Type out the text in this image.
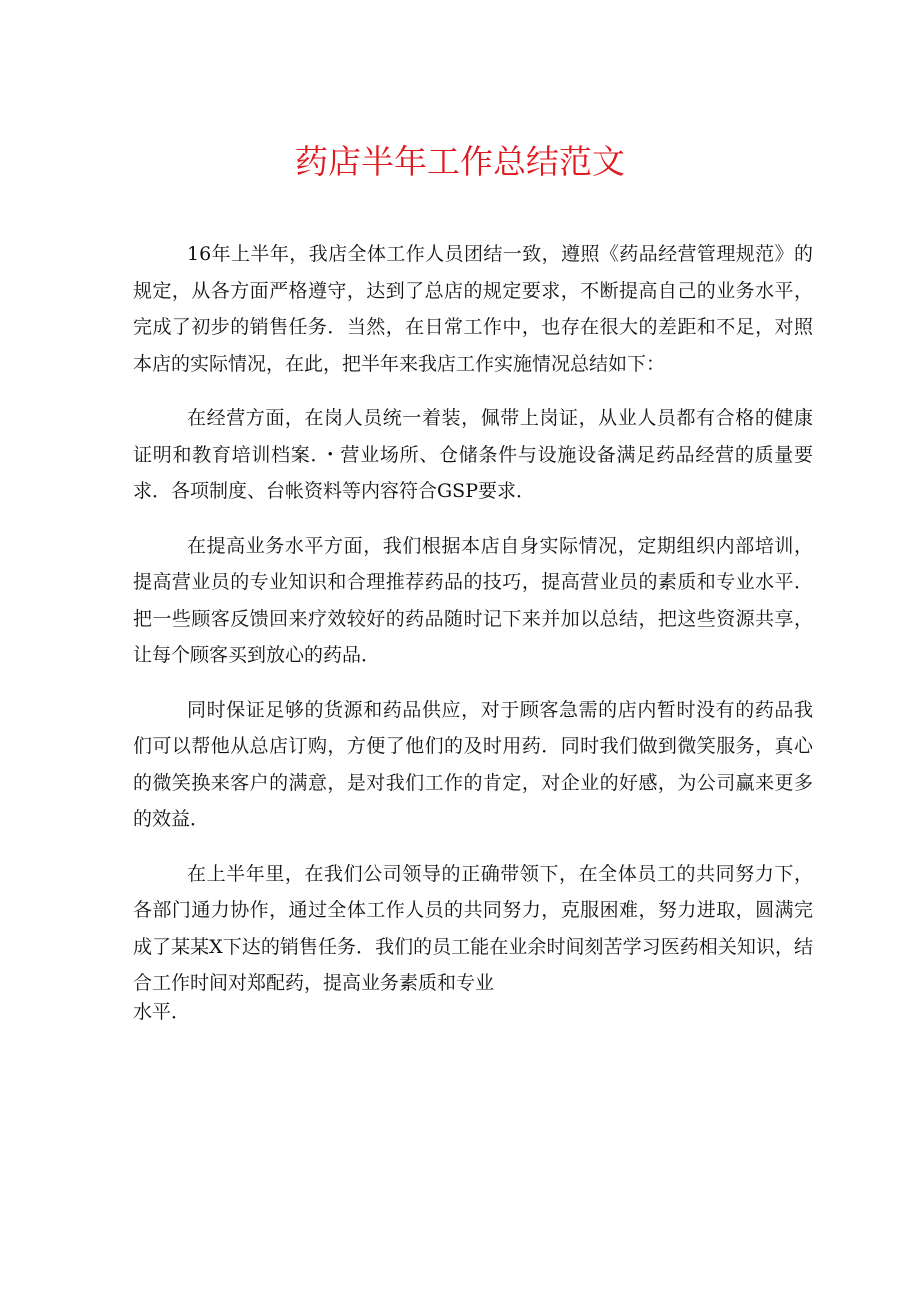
药店半年工作总结范文

16年上半年，我店全体工作人员团结一致，遵照《药品经营管理规范》的规定，从各方面严格遵守，达到了总店的规定要求，不断提高自己的业务水平，完成了初步的销售任务．当然，在日常工作中，也存在很大的差距和不足，对照本店的实际情况，在此，把半年来我店工作实施情况总结如下：

在经营方面，在岗人员统一着装，佩带上岗证，从业人员都有合格的健康证明和教育培训档案．・营业场所、仓储条件与设施设备满足药品经营的质量要求．各项制度、台帐资料等内容符合GSP要求．

在提高业务水平方面，我们根据本店自身实际情况，定期组织内部培训，提高营业员的专业知识和合理推荐药品的技巧，提高营业员的素质和专业水平．把一些顾客反馈回来疗效较好的药品随时记下来并加以总结，把这些资源共享，让每个顾客买到放心的药品．

同时保证足够的货源和药品供应，对于顾客急需的店内暂时没有的药品我们可以帮他从总店订购，方便了他们的及时用药．同时我们做到微笑服务，真心的微笑换来客户的满意，是对我们工作的肯定，对企业的好感，为公司赢来更多的效益．

在上半年里，在我们公司领导的正确带领下，在全体员工的共同努力下，各部门通力协作，通过全体工作人员的共同努力，克服困难，努力进取，圆满完成了某某X下达的销售任务．我们的员工能在业余时间刻苦学习医药相关知识，结合工作时间对郑配药，提高业务素质和专业

水平．
